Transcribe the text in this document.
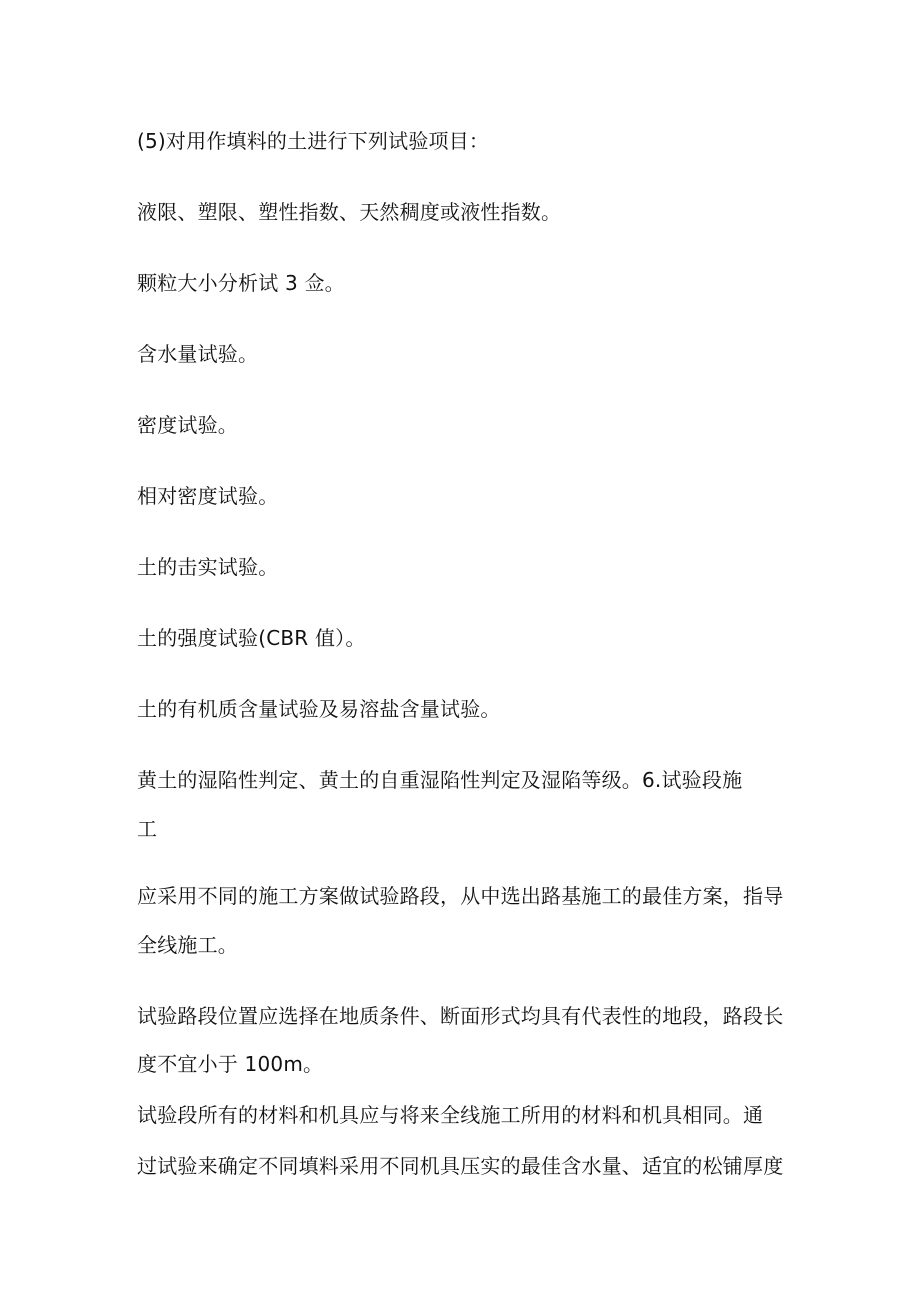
(5)对用作填料的土进行下列试验项目：
液限、塑限、塑性指数、天然稠度或液性指数。
颗粒大小分析试 3 佥。
含水量试验。
密度试验。
相对密度试验。
土的击实试验。
土的强度试验(CBR 值）。
土的有机质含量试验及易溶盐含量试验。
黄土的湿陷性判定、黄土的自重湿陷性判定及湿陷等级。6.试验段施
工
应采用不同的施工方案做试验路段，从中选出路基施工的最佳方案，指导
全线施工。
试验路段位置应选择在地质条件、断面形式均具有代表性的地段，路段长
度不宜小于 100m。
试验段所有的材料和机具应与将来全线施工所用的材料和机具相同。通
过试验来确定不同填料采用不同机具压实的最佳含水量、适宜的松铺厚度
